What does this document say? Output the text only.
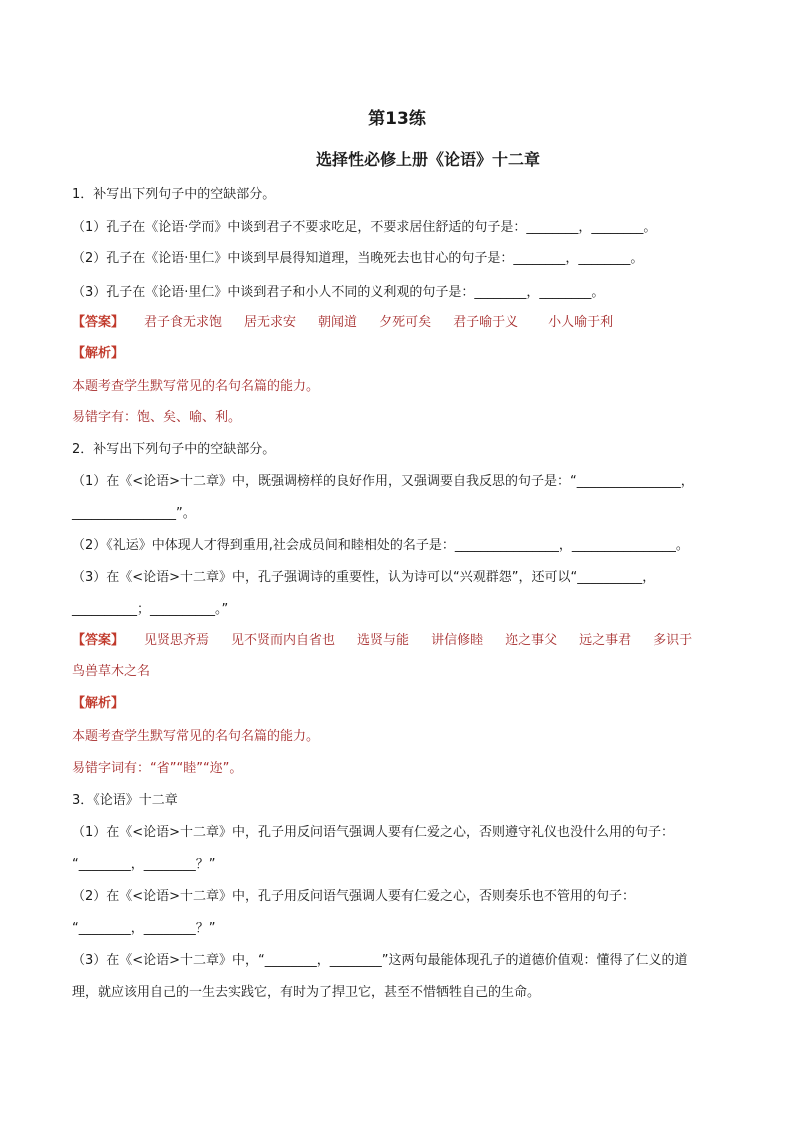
第13练
选择性必修上册《论语》十二章
1．补写出下列句子中的空缺部分。
（1）孔子在《论语·学而》中谈到君子不要求吃足，不要求居住舒适的句子是：________，________。
（2）孔子在《论语·里仁》中谈到早晨得知道理，当晚死去也甘心的句子是：________，________。
（3）孔子在《论语·里仁》中谈到君子和小人不同的义利观的句子是：________，________。
【答案】 君子食无求饱 居无求安 朝闻道 夕死可矣 君子喻于义 小人喻于利
【解析】
本题考查学生默写常见的名句名篇的能力。
易错字有：饱、矣、喻、利。
2．补写出下列句子中的空缺部分。
（1）在《<论语>十二章》中，既强调榜样的良好作用，又强调要自我反思的句子是：“________________，
________________”。
（2）《礼运》中体现人才得到重用,社会成员间和睦相处的名子是：________________，________________。
（3）在《<论语>十二章》中，孔子强调诗的重要性，认为诗可以“兴观群怨”，还可以“__________，
__________；__________。”
【答案】 见贤思齐焉 见不贤而内自省也 选贤与能 讲信修睦 迩之事父 远之事君 多识于
鸟兽草木之名
【解析】
本题考查学生默写常见的名句名篇的能力。
易错字词有：“省”“睦”“迩”。
3．《论语》十二章
（1）在《<论语>十二章》中，孔子用反问语气强调人要有仁爱之心，否则遵守礼仪也没什么用的句子：
“________，________？”
（2）在《<论语>十二章》中，孔子用反问语气强调人要有仁爱之心，否则奏乐也不管用的句子：
“________，________？”
（3）在《<论语>十二章》中，“________，________”这两句最能体现孔子的道德价值观：懂得了仁义的道
理，就应该用自己的一生去实践它，有时为了捍卫它，甚至不惜牺牲自己的生命。
